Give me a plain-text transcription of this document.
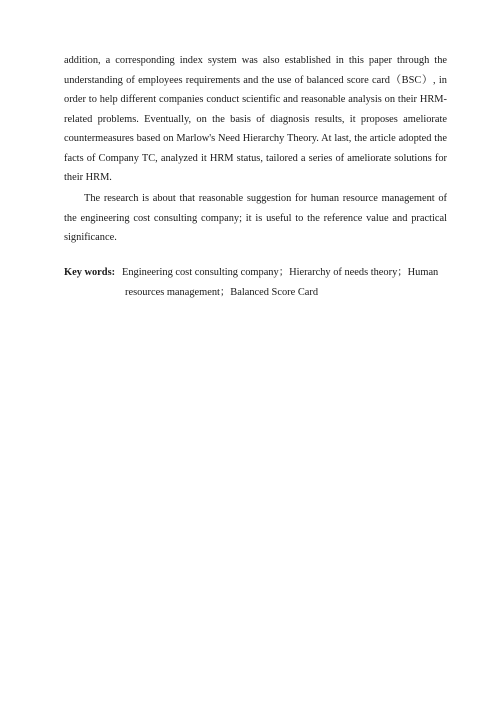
addition, a corresponding index system was also established in this paper through the understanding of employees requirements and the use of balanced score card（BSC）, in order to help different companies conduct scientific and reasonable analysis on their HRM-related problems. Eventually, on the basis of diagnosis results, it proposes ameliorate countermeasures based on Marlow's Need Hierarchy Theory. At last, the article adopted the facts of Company TC, analyzed it HRM status, tailored a series of ameliorate solutions for their HRM.

The research is about that reasonable suggestion for human resource management of the engineering cost consulting company; it is useful to the reference value and practical significance.

Key words: Engineering cost consulting company；Hierarchy of needs theory；Human
resources management；Balanced Score Card
